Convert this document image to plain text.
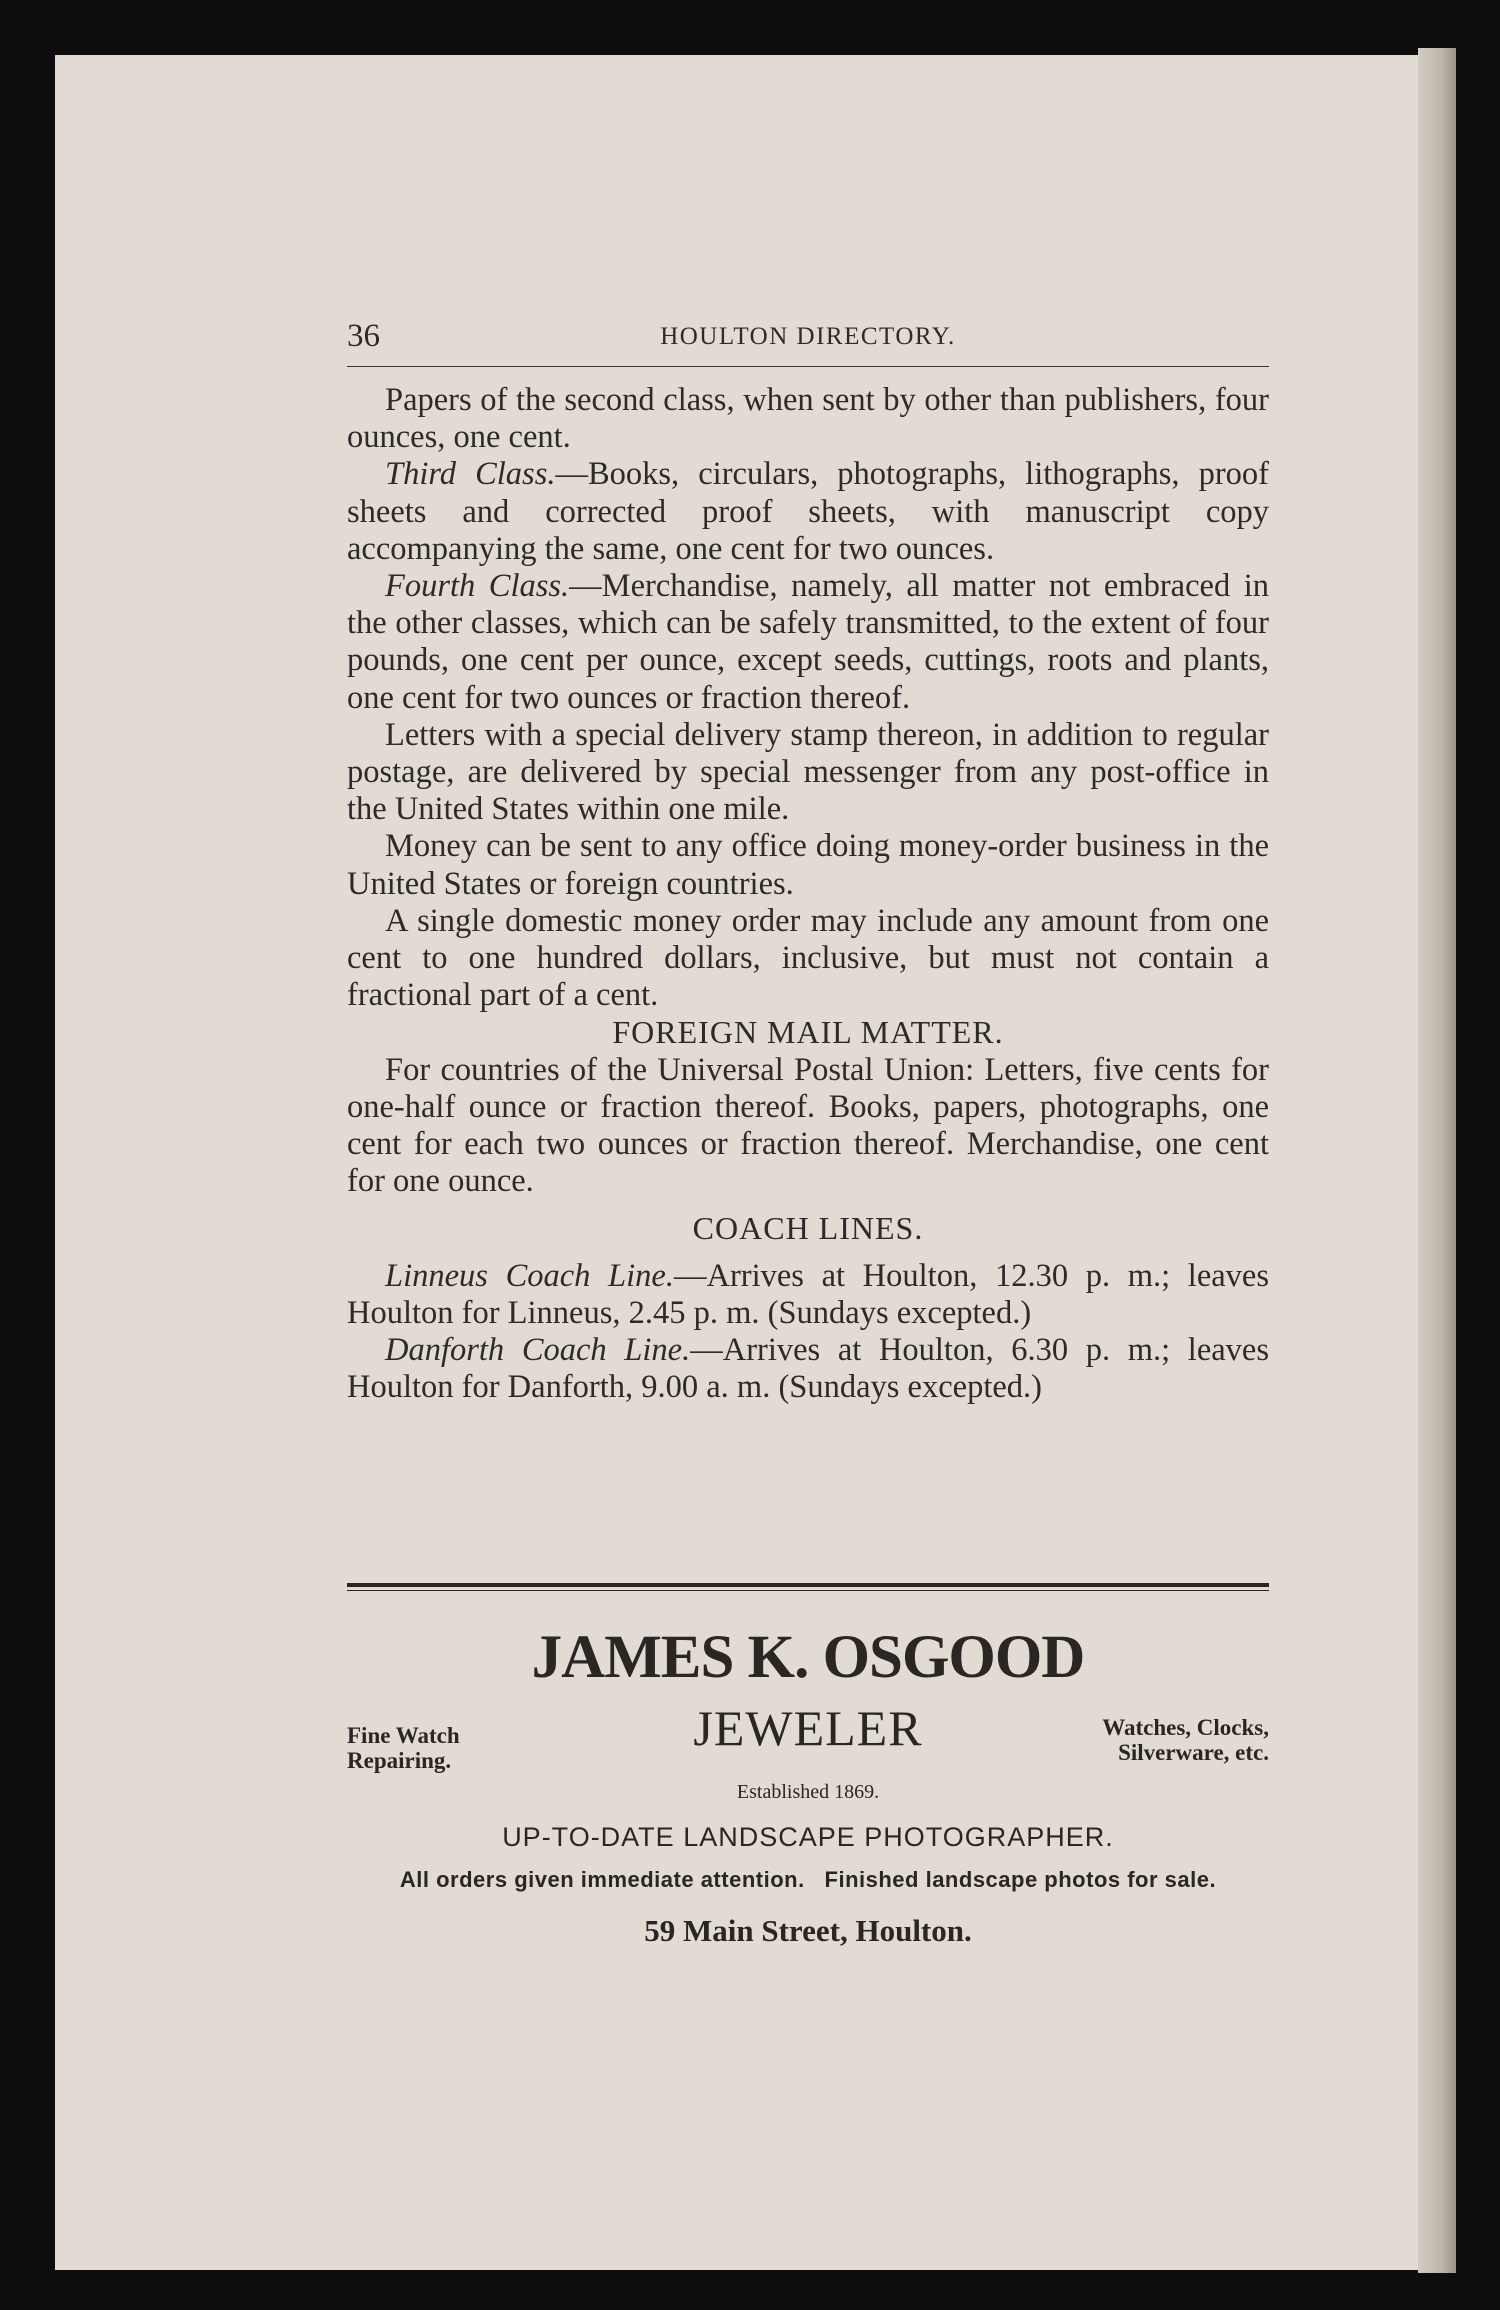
36	HOULTON DIRECTORY.

Papers of the second class, when sent by other than publishers, four ounces, one cent.

Third Class.—Books, circulars, photographs, lithographs, proof sheets and corrected proof sheets, with manuscript copy accompanying the same, one cent for two ounces.

Fourth Class.—Merchandise, namely, all matter not embraced in the other classes, which can be safely transmitted, to the extent of four pounds, one cent per ounce, except seeds, cuttings, roots and plants, one cent for two ounces or fraction thereof.

Letters with a special delivery stamp thereon, in addition to regular postage, are delivered by special messenger from any post-office in the United States within one mile.

Money can be sent to any office doing money-order business in the United States or foreign countries.

A single domestic money order may include any amount from one cent to one hundred dollars, inclusive, but must not contain a fractional part of a cent.

FOREIGN MAIL MATTER.

For countries of the Universal Postal Union: Letters, five cents for one-half ounce or fraction thereof. Books, papers, photographs, one cent for each two ounces or fraction thereof. Merchandise, one cent for one ounce.

COACH LINES.

Linneus Coach Line.—Arrives at Houlton, 12.30 p. m.; leaves Houlton for Linneus, 2.45 p. m. (Sundays excepted.)

Danforth Coach Line.—Arrives at Houlton, 6.30 p. m.; leaves Houlton for Danforth, 9.00 a. m. (Sundays excepted.)

JAMES K. OSGOOD
Fine Watch
Repairing.
JEWELER	Watches, Clocks,
Silverware, etc.
Established 1869.
UP-TO-DATE LANDSCAPE PHOTOGRAPHER.
All orders given immediate attention.   Finished landscape photos for sale.
59 Main Street, Houlton.
